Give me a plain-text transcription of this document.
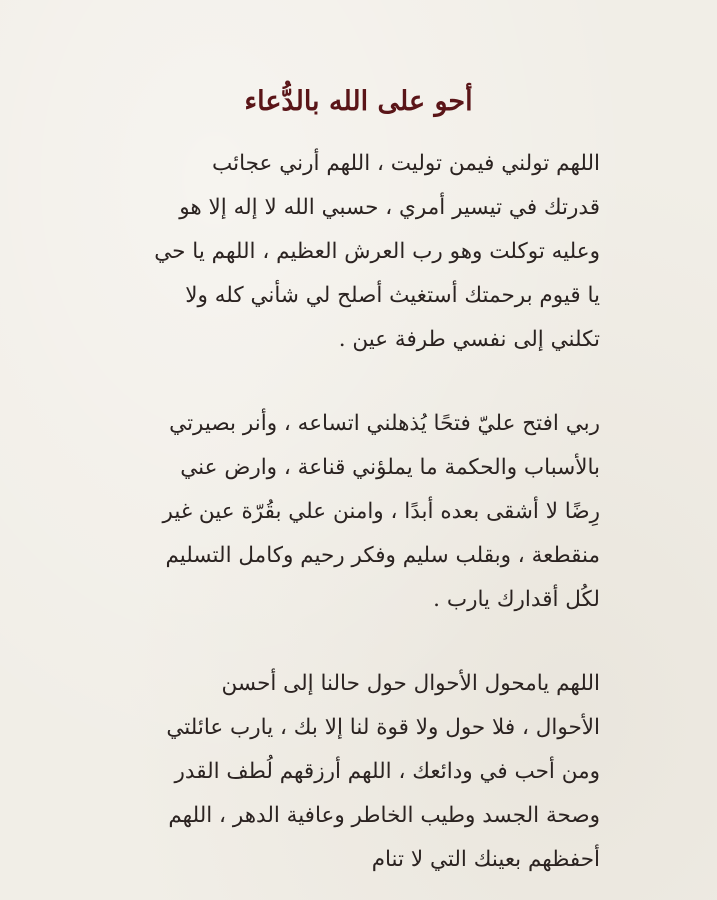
أحو على الله بالدُّعاء
اللهم تولني فيمن توليت ، اللهم أرني عجائب
قدرتك في تيسير أمري ، حسبي الله لا إله إلا هو
وعليه توكلت وهو رب العرش العظيم ، اللهم يا حي
يا قيوم برحمتك أستغيث أصلح لي شأني كله ولا
تكلني إلى نفسي طرفة عين .
ربي افتح عليّ فتحًا يُذهلني اتساعه ، وأنر بصيرتي
بالأسباب والحكمة ما يملؤني قناعة ، وارض عني
رِضًا لا أشقى بعده أبدًا ، وامنن علي بقُرّة عين غير
منقطعة ، وبقلب سليم وفكر رحيم وكامل التسليم
لكُل أقدارك يارب .
اللهم يامحول الأحوال حول حالنا إلى أحسن
الأحوال ، فلا حول ولا قوة لنا إلا بك ، يارب عائلتي
ومن أحب في ودائعك ، اللهم أرزقهم لُطف القدر
وصحة الجسد وطيب الخاطر وعافية الدهر ، اللهم
أحفظهم بعينك التي لا تنام
